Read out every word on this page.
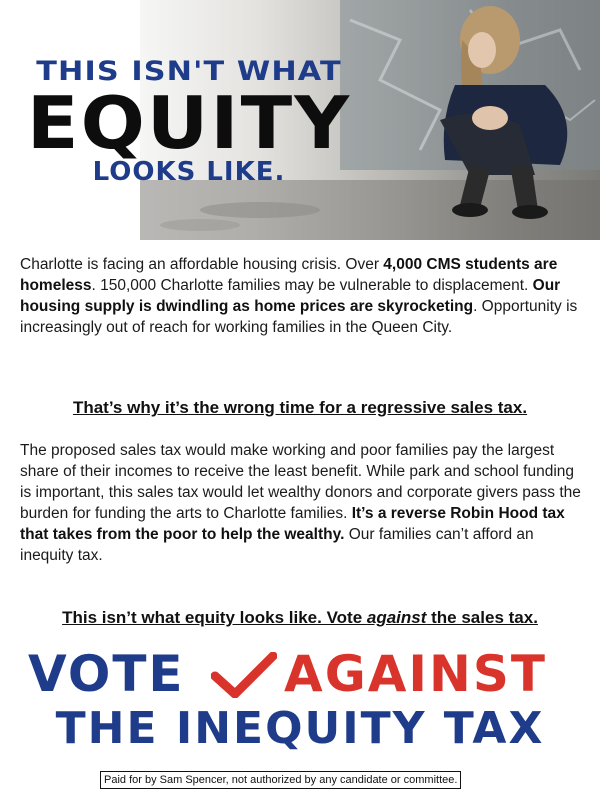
THIS ISN'T WHAT
EQUITY
LOOKS LIKE.
Charlotte is facing an affordable housing crisis. Over 4,000 CMS students are homeless. 150,000 Charlotte families may be vulnerable to displacement. Our housing supply is dwindling as home prices are skyrocketing. Opportunity is increasingly out of reach for working families in the Queen City.
That’s why it’s the wrong time for a regressive sales tax.
The proposed sales tax would make working and poor families pay the largest share of their incomes to receive the least benefit. While park and school funding is important, this sales tax would let wealthy donors and corporate givers pass the burden for funding the arts to Charlotte families. It’s a reverse Robin Hood tax that takes from the poor to help the wealthy. Our families can’t afford an inequity tax.
This isn’t what equity looks like. Vote against the sales tax.
VOTE AGAINST
THE INEQUITY TAX
Paid for by Sam Spencer, not authorized by any candidate or committee.
